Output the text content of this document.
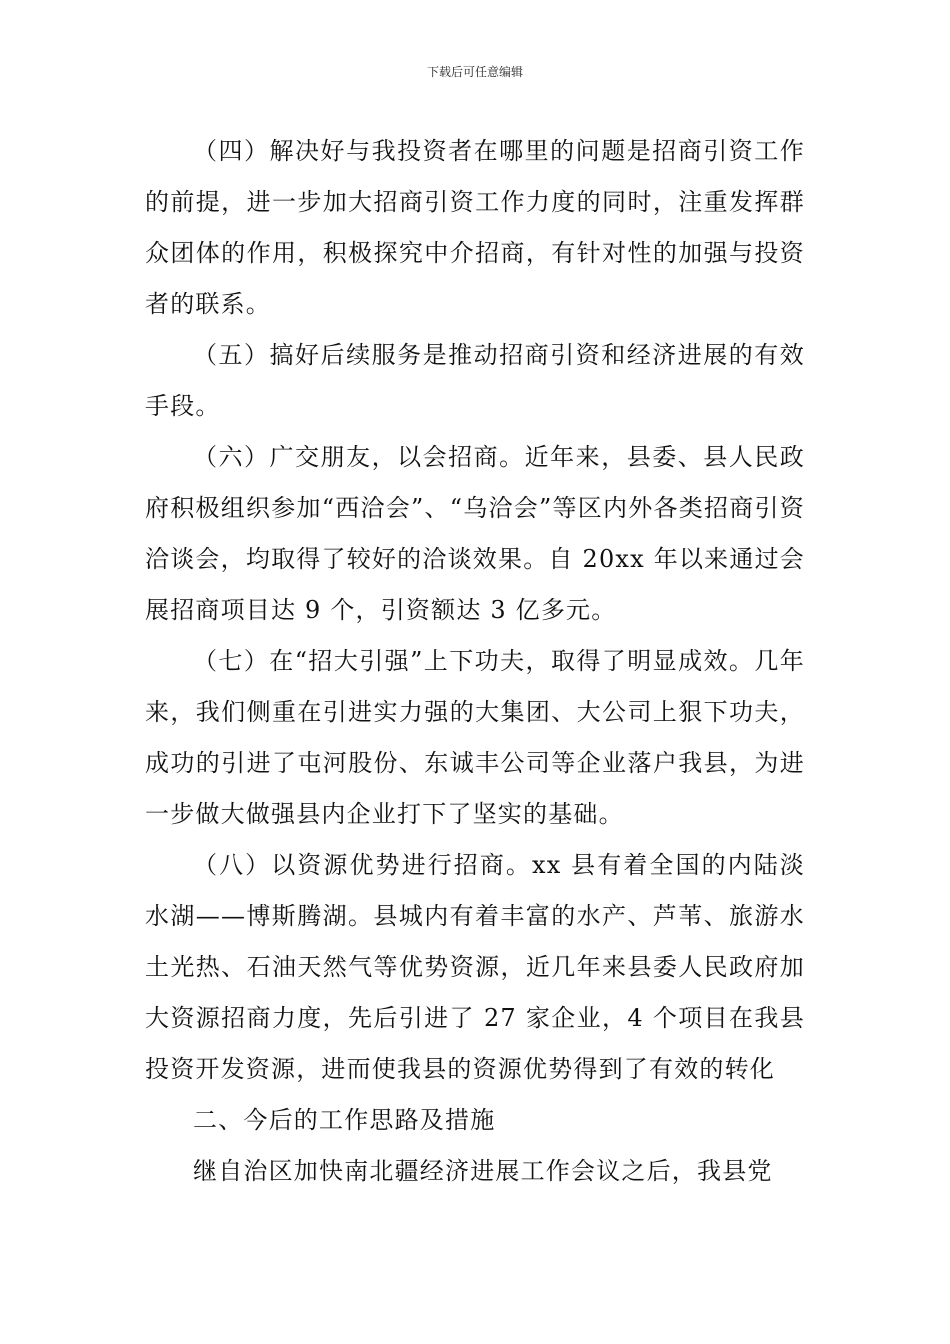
下载后可任意编辑

（四）解决好与我投资者在哪里的问题是招商引资工作的前提，进一步加大招商引资工作力度的同时，注重发挥群众团体的作用，积极探究中介招商，有针对性的加强与投资者的联系。

（五）搞好后续服务是推动招商引资和经济进展的有效手段。

（六）广交朋友，以会招商。近年来，县委、县人民政府积极组织参加“西洽会”、“乌洽会”等区内外各类招商引资洽谈会，均取得了较好的洽谈效果。自 20xx 年以来通过会展招商项目达 9 个，引资额达 3 亿多元。

（七）在“招大引强”上下功夫，取得了明显成效。几年来，我们侧重在引进实力强的大集团、大公司上狠下功夫，成功的引进了屯河股份、东诚丰公司等企业落户我县，为进一步做大做强县内企业打下了坚实的基础。

（八）以资源优势进行招商。xx 县有着全国的内陆淡水湖——博斯腾湖。县城内有着丰富的水产、芦苇、旅游水土光热、石油天然气等优势资源，近几年来县委人民政府加大资源招商力度，先后引进了 27 家企业，4 个项目在我县投资开发资源，进而使我县的资源优势得到了有效的转化

二、今后的工作思路及措施

继自治区加快南北疆经济进展工作会议之后，我县党
